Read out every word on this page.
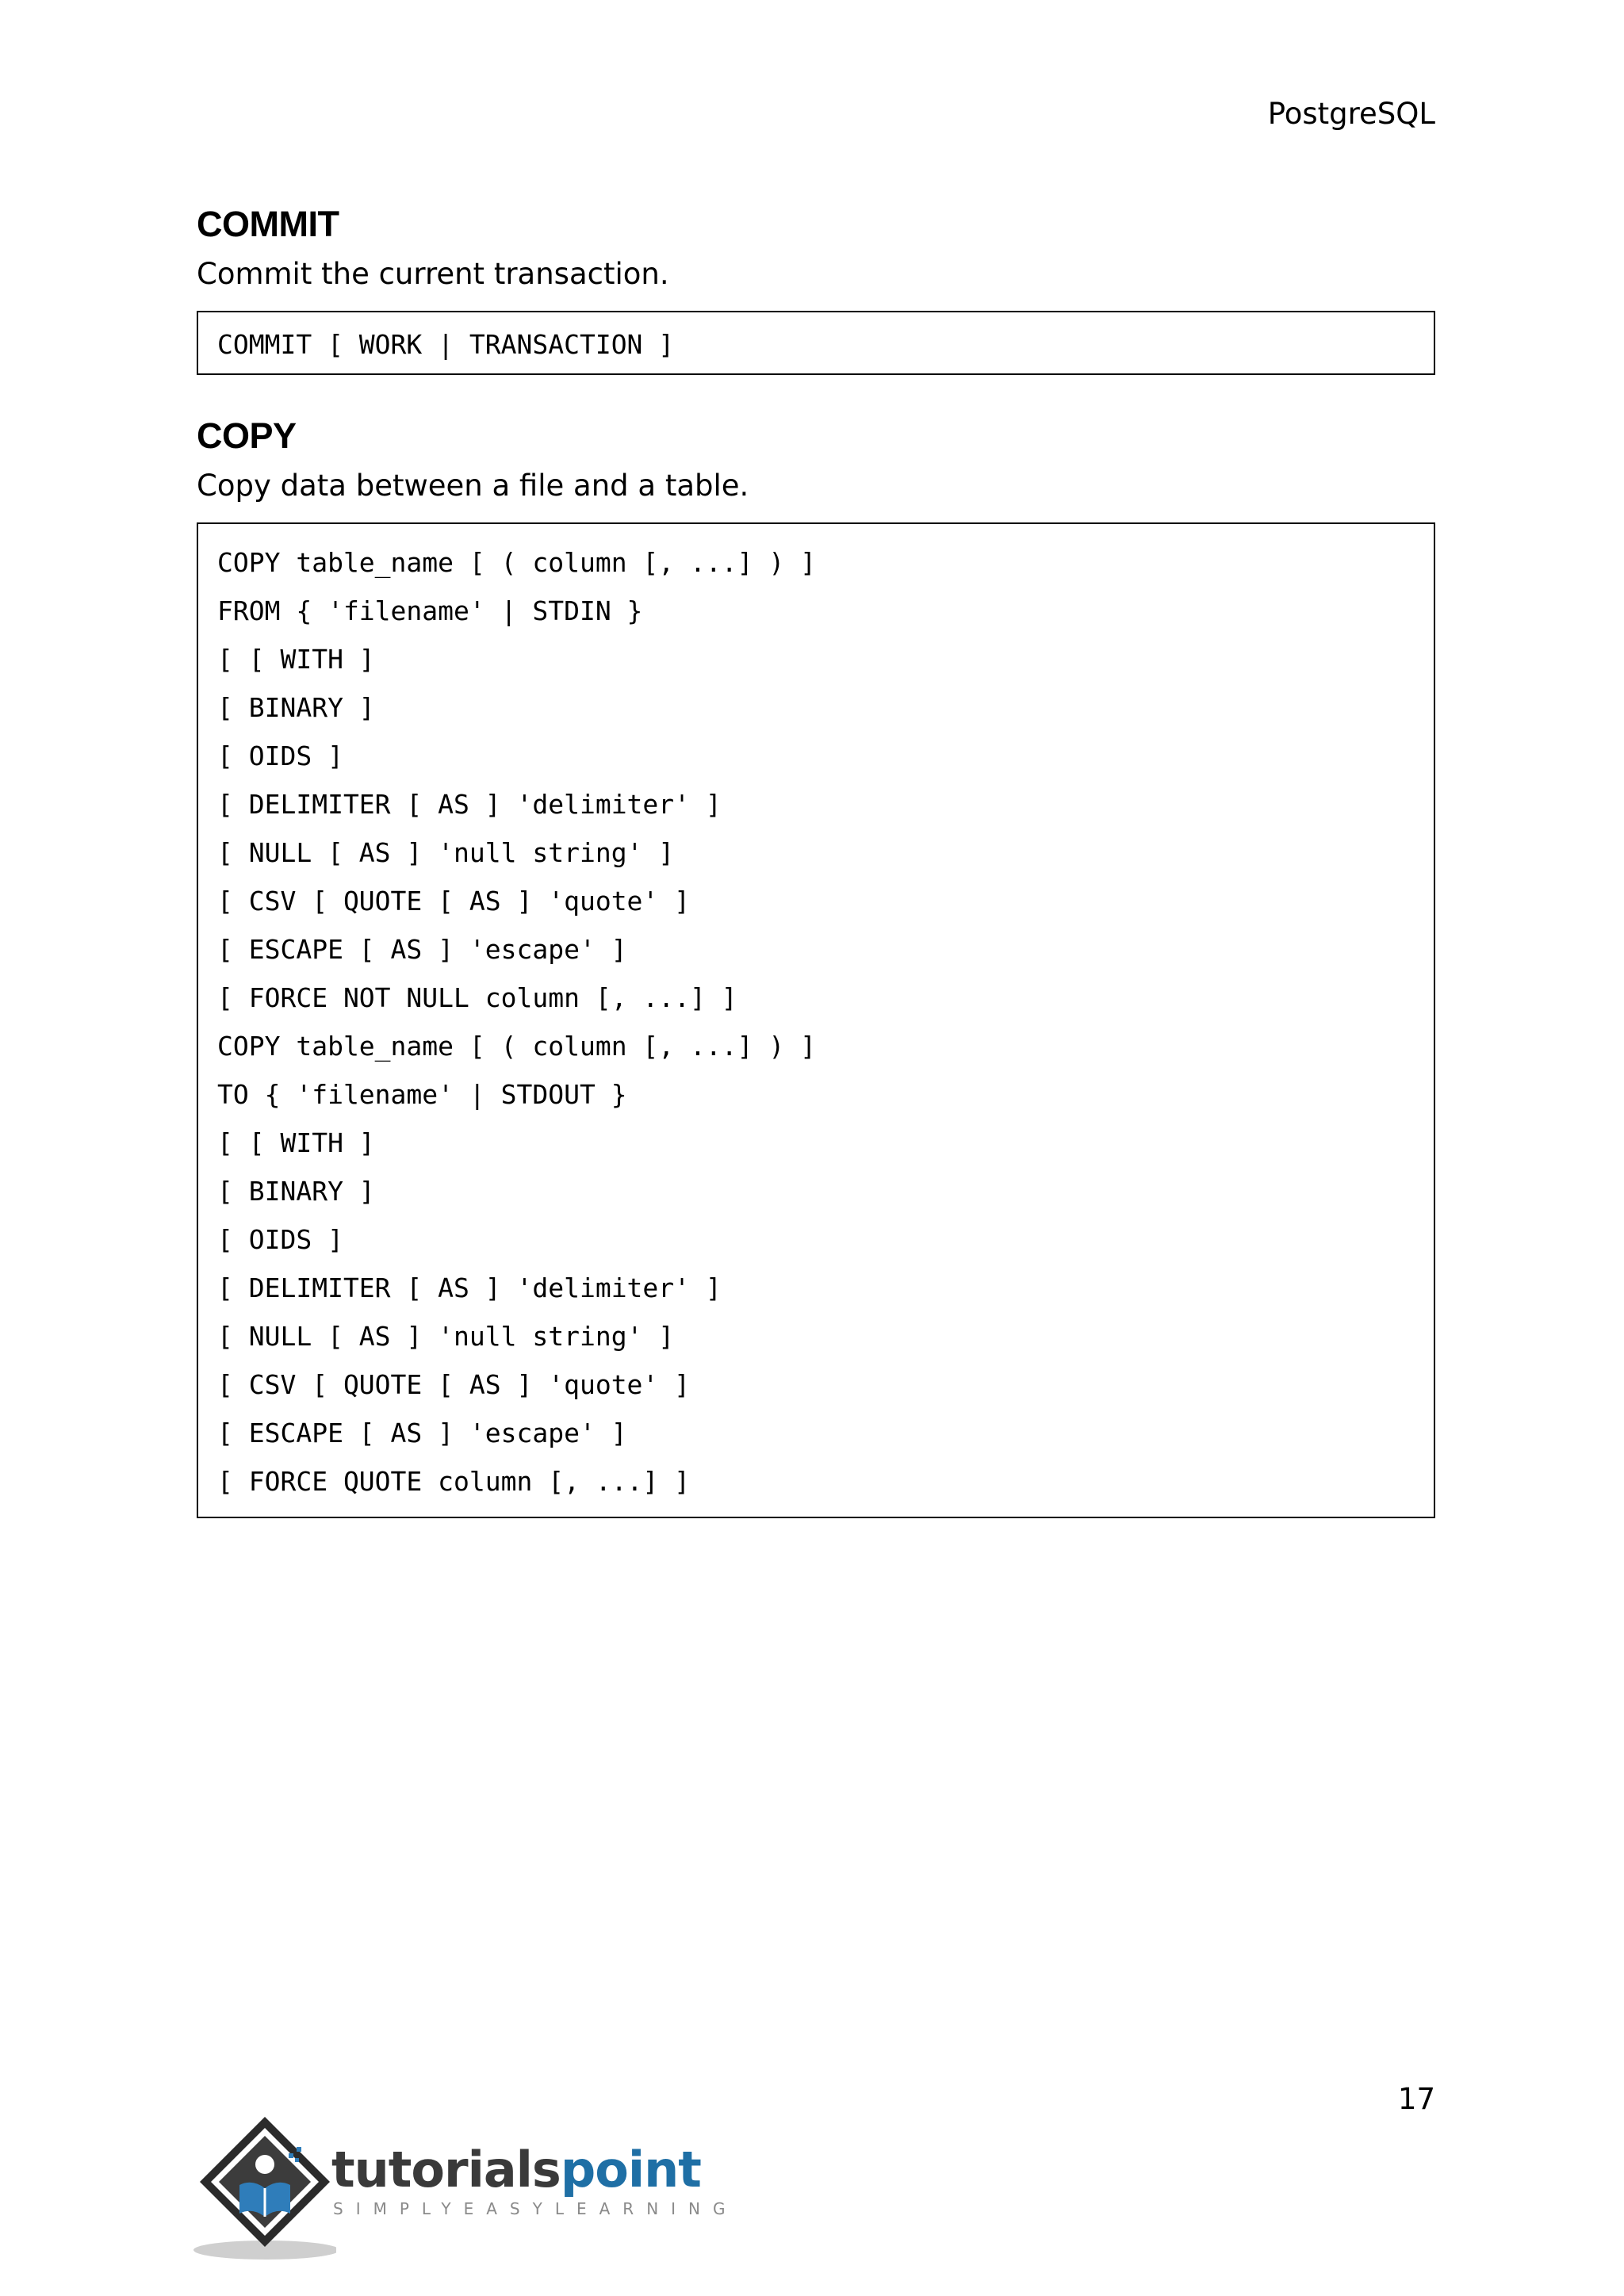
PostgreSQL
COMMIT

Commit the current transaction.

COMMIT [ WORK | TRANSACTION ]
COPY

Copy data between a file and a table.

COPY table_name [ ( column [, ...] ) ]
FROM { 'filename' | STDIN }
[ [ WITH ]
[ BINARY ]
[ OIDS ]
[ DELIMITER [ AS ] 'delimiter' ]
[ NULL [ AS ] 'null string' ]
[ CSV [ QUOTE [ AS ] 'quote' ]
[ ESCAPE [ AS ] 'escape' ]
[ FORCE NOT NULL column [, ...] ]
COPY table_name [ ( column [, ...] ) ]
TO { 'filename' | STDOUT }
[ [ WITH ]
[ BINARY ]
[ OIDS ]
[ DELIMITER [ AS ] 'delimiter' ]
[ NULL [ AS ] 'null string' ]
[ CSV [ QUOTE [ AS ] 'quote' ]
[ ESCAPE [ AS ] 'escape' ]
[ FORCE QUOTE column [, ...] ]
17
tutorialspoint
SIMPLYEASYLEARNING
